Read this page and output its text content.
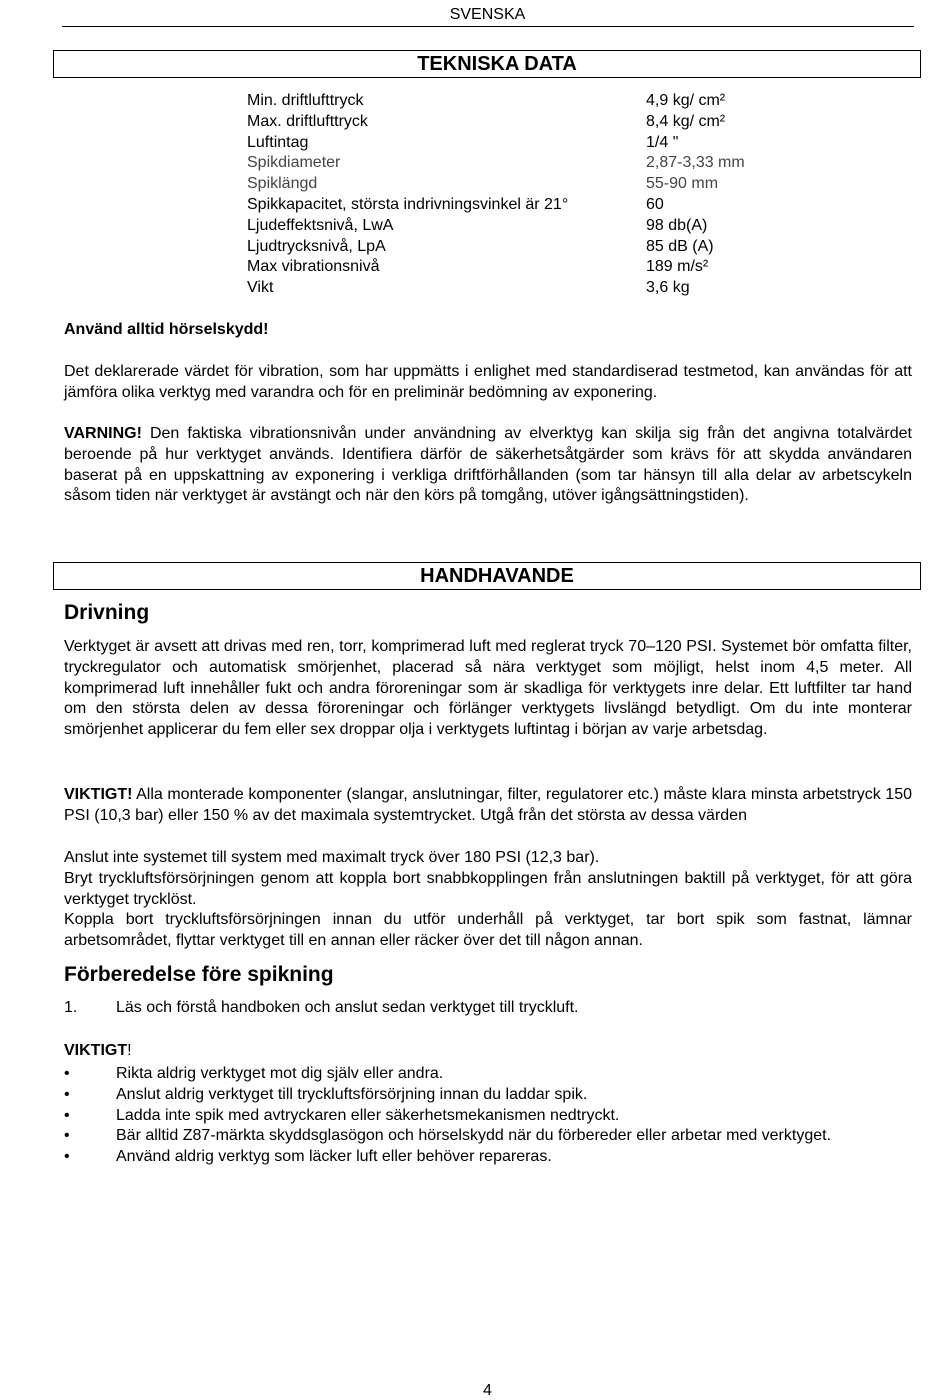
SVENSKA
TEKNISKA DATA
Min. driftlufttryck	4,9 kg/ cm²
Max. driftlufttryck	8,4 kg/ cm²
Luftintag	1/4 "
Spikdiameter	2,87-3,33 mm
Spiklängd	55-90 mm
Spikkapacitet, största indrivningsvinkel är 21°	60
Ljudeffektsnivå, LwA	98 db(A)
Ljudtrycksnivå, LpA	85 dB (A)
Max vibrationsnivå	189 m/s²
Vikt	3,6 kg
Använd alltid hörselskydd!
Det deklarerade värdet för vibration, som har uppmätts i enlighet med standardiserad testmetod, kan användas för att jämföra olika verktyg med varandra och för en preliminär bedömning av exponering.
VARNING! Den faktiska vibrationsnivån under användning av elverktyg kan skilja sig från det angivna totalvärdet beroende på hur verktyget används. Identifiera därför de säkerhetsåtgärder som krävs för att skydda användaren baserat på en uppskattning av exponering i verkliga driftförhållanden (som tar hänsyn till alla delar av arbetscykeln såsom tiden när verktyget är avstängt och när den körs på tomgång, utöver igångsättningstiden).
HANDHAVANDE
Drivning
Verktyget är avsett att drivas med ren, torr, komprimerad luft med reglerat tryck 70–120 PSI. Systemet bör omfatta filter, tryckregulator och automatisk smörjenhet, placerad så nära verktyget som möjligt, helst inom 4,5 meter. All komprimerad luft innehåller fukt och andra föroreningar som är skadliga för verktygets inre delar. Ett luftfilter tar hand om den största delen av dessa föroreningar och förlänger verktygets livslängd betydligt. Om du inte monterar smörjenhet applicerar du fem eller sex droppar olja i verktygets luftintag i början av varje arbetsdag.
VIKTIGT! Alla monterade komponenter (slangar, anslutningar, filter, regulatorer etc.) måste klara minsta arbetstryck 150 PSI (10,3 bar) eller 150 % av det maximala systemtrycket. Utgå från det största av dessa värden
Anslut inte systemet till system med maximalt tryck över 180 PSI (12,3 bar).
Bryt tryckluftsförsörjningen genom att koppla bort snabbkopplingen från anslutningen baktill på verktyget, för att göra verktyget trycklöst.
Koppla bort tryckluftsförsörjningen innan du utför underhåll på verktyget, tar bort spik som fastnat, lämnar arbetsområdet, flyttar verktyget till en annan eller räcker över det till någon annan.
Förberedelse före spikning
1. Läs och förstå handboken och anslut sedan verktyget till tryckluft.
VIKTIGT!
•	Rikta aldrig verktyget mot dig själv eller andra.
•	Anslut aldrig verktyget till tryckluftsförsörjning innan du laddar spik.
•	Ladda inte spik med avtryckaren eller säkerhetsmekanismen nedtryckt.
•	Bär alltid Z87-märkta skyddsglasögon och hörselskydd när du förbereder eller arbetar med verktyget.
•	Använd aldrig verktyg som läcker luft eller behöver repareras.
4
